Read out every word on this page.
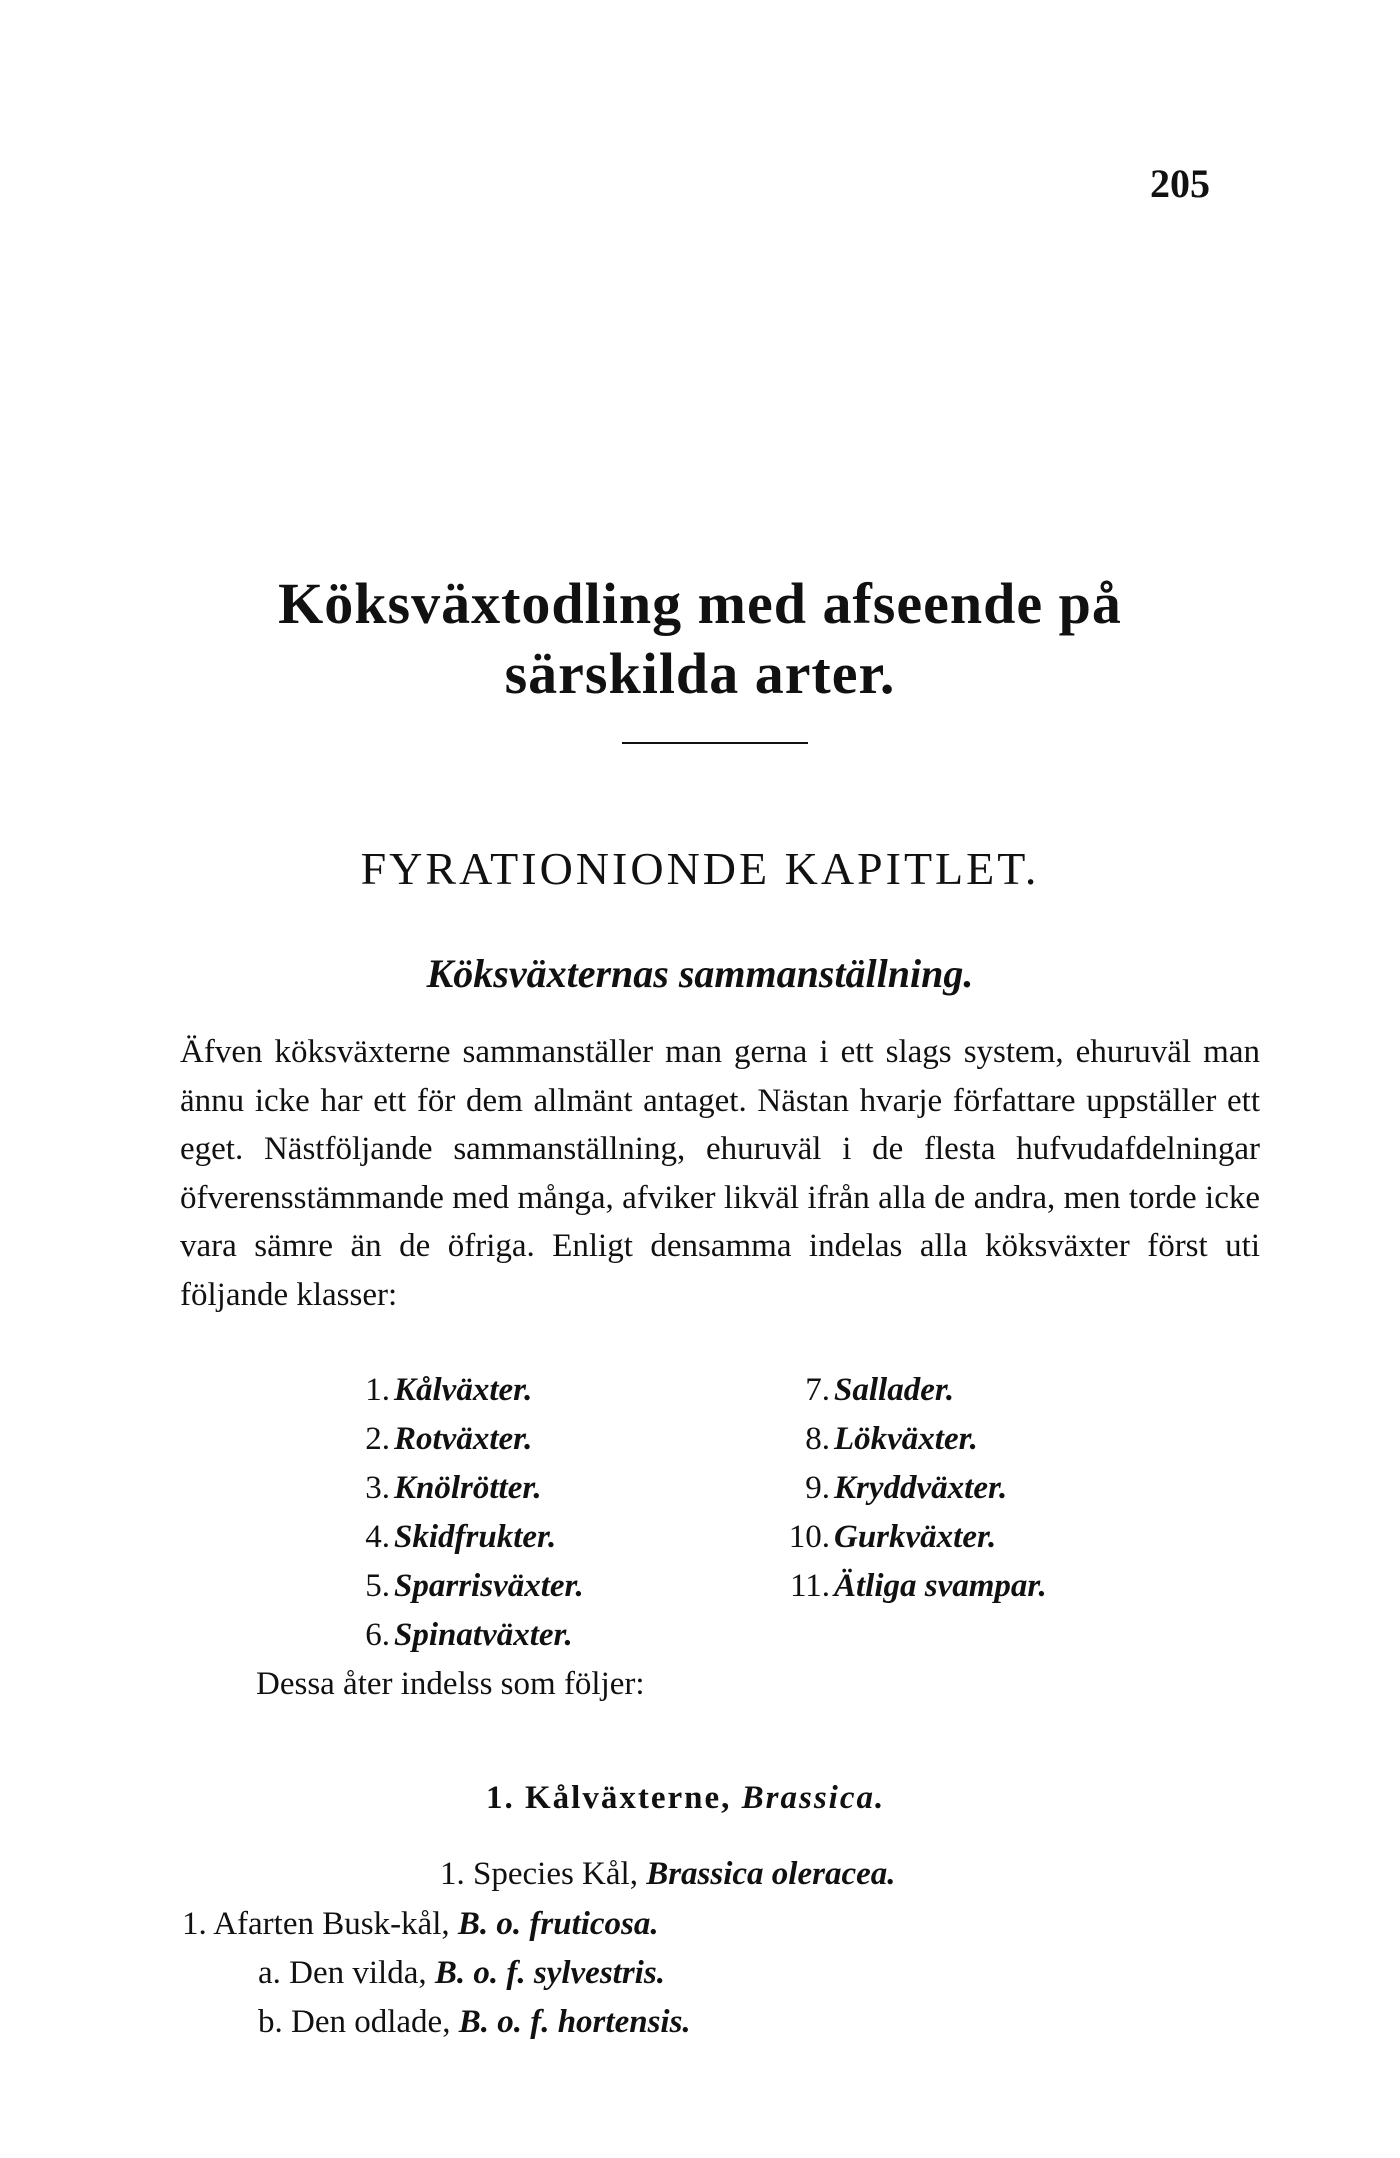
205
Köksväxtodling med afseende på
särskilda arter.
FYRATIONIONDE KAPITLET.
Köksväxternas sammanställning.
Äfven köksväxterne sammanställer man gerna i ett slags system, ehuruväl man ännu icke har ett för dem allmänt antaget. Nästan hvarje författare uppställer ett eget. Nästföljande sammanställning, ehuruväl i de flesta hufvudafdelningar öfverensstämmande med många, afviker likväl ifrån alla de andra, men torde icke vara sämre än de öfriga. Enligt densamma indelas alla köksväxter först uti följande klasser:
1. Kålväxter.
2. Rotväxter.
3. Knölrötter.
4. Skidfrukter.
5. Sparrisväxter.
6. Spinatväxter.
7. Sallader.
8. Lökväxter.
9. Kryddväxter.
10. Gurkväxter.
11. Ätliga svampar.
Dessa åter indelss som följer:
1. Kålväxterne, Brassica.
1. Species Kål, Brassica oleracea.
1. Afarten Busk-kål, B. o. fruticosa.
a. Den vilda, B. o. f. sylvestris.
b. Den odlade, B. o. f. hortensis.
